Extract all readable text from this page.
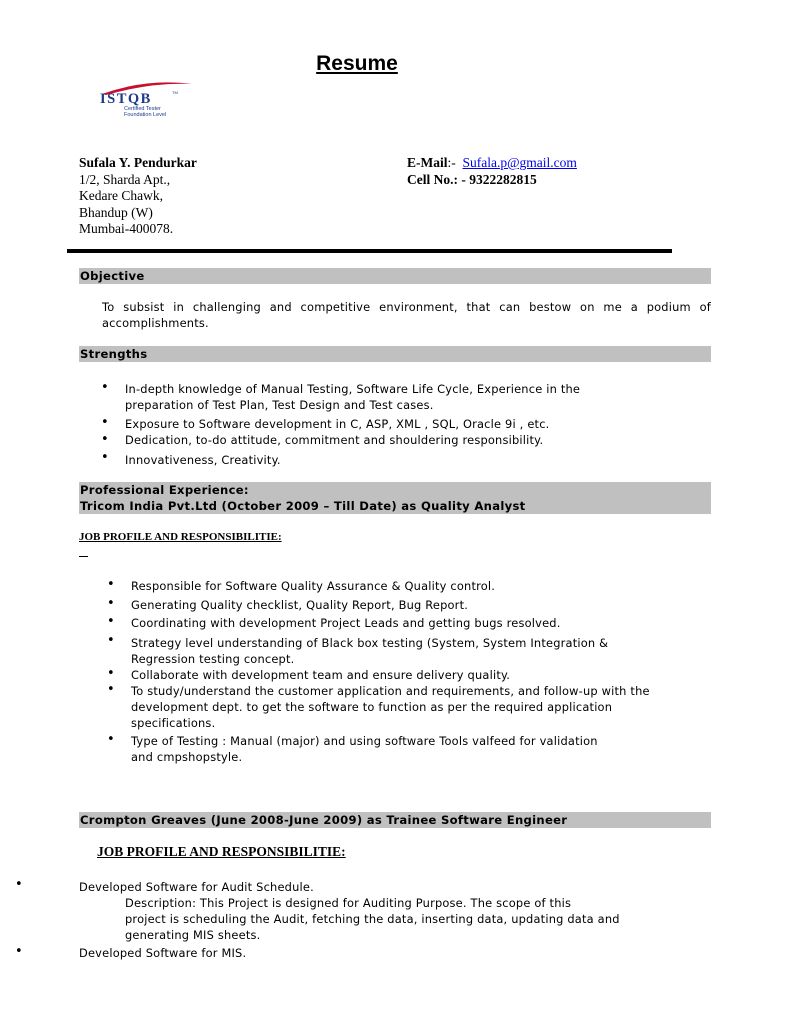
Resume
ISTQB	TM
Certified Tester
Foundation Level
Sufala Y. Pendurkar
1/2, Sharda Apt.,
Kedare Chawk,
Bhandup (W)
Mumbai-400078.
E-Mail:- Sufala.p@gmail.com
Cell No.: - 9322282815
Objective
To subsist in challenging and competitive environment, that can bestow on me a podium of
accomplishments.
Strengths
• In-depth knowledge of Manual Testing, Software Life Cycle, Experience in the
preparation of Test Plan, Test Design and Test cases.
• Exposure to Software development in C, ASP, XML , SQL, Oracle 9i , etc.
• Dedication, to-do attitude, commitment and shouldering responsibility.
• Innovativeness, Creativity.
Professional Experience:
Tricom India Pvt.Ltd (October 2009 – Till Date) as Quality Analyst
JOB PROFILE AND RESPONSIBILITIE:
• Responsible for Software Quality Assurance & Quality control.
• Generating Quality checklist, Quality Report, Bug Report.
• Coordinating with development Project Leads and getting bugs resolved.
• Strategy level understanding of Black box testing (System, System Integration &
Regression testing concept.
• Collaborate with development team and ensure delivery quality.
• To study/understand the customer application and requirements, and follow-up with the
development dept. to get the software to function as per the required application
specifications.
• Type of Testing : Manual (major) and using software Tools valfeed for validation
and cmpshopstyle.
Crompton Greaves (June 2008-June 2009) as Trainee Software Engineer
JOB PROFILE AND RESPONSIBILITIE:
•	Developed Software for Audit Schedule.
Description: This Project is designed for Auditing Purpose. The scope of this
project is scheduling the Audit, fetching the data, inserting data, updating data and
generating MIS sheets.
•	Developed Software for MIS.
